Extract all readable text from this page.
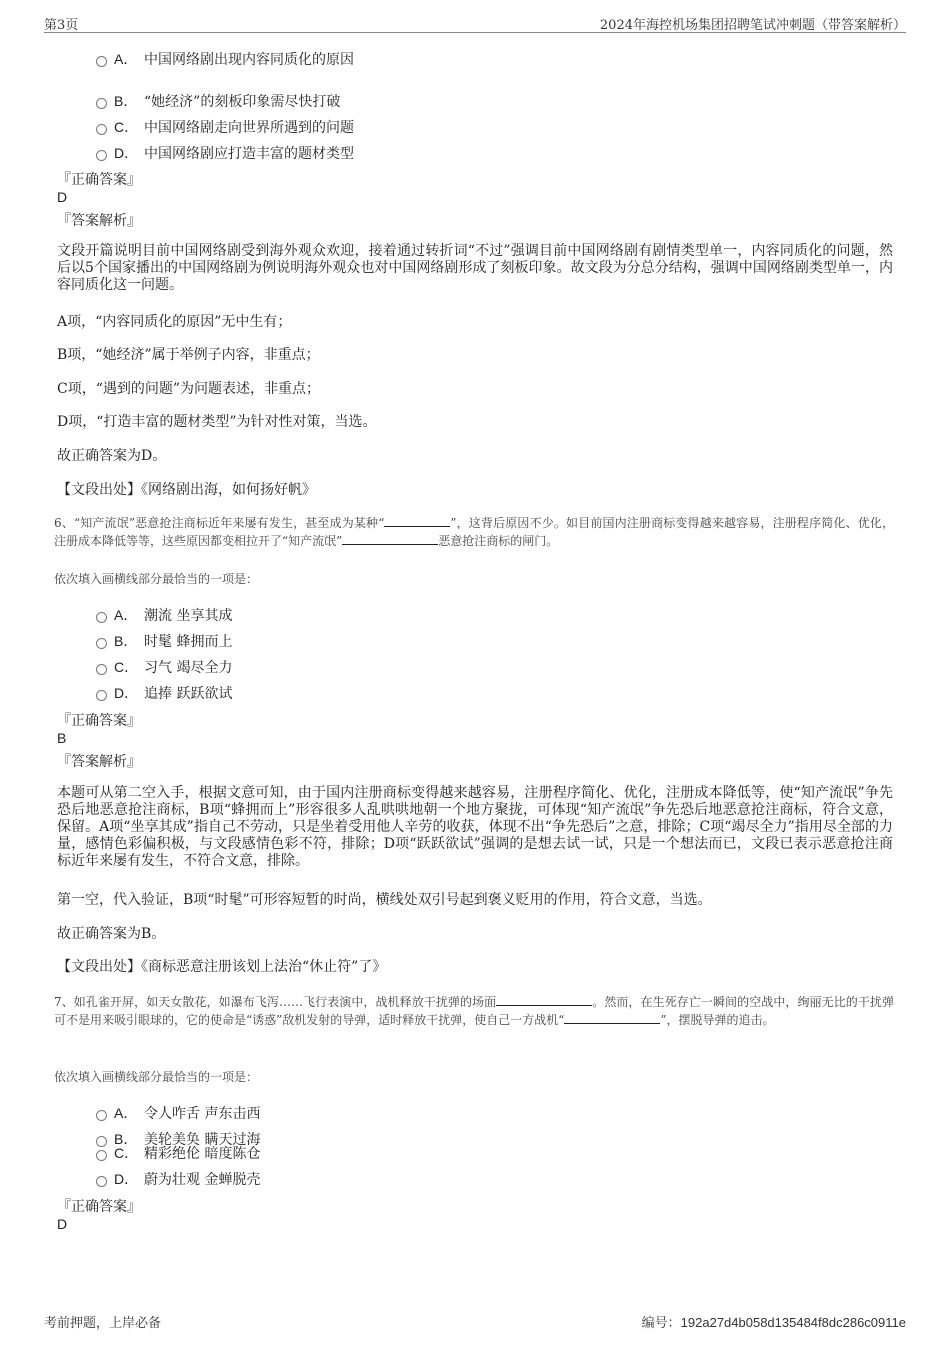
第3页	2024年海控机场集团招聘笔试冲刺题（带答案解析）
A． 中国网络剧出现内容同质化的原因
B． “她经济”的刻板印象需尽快打破
C． 中国网络剧走向世界所遇到的问题
D． 中国网络剧应打造丰富的题材类型
『正确答案』
D
『答案解析』
文段开篇说明目前中国网络剧受到海外观众欢迎，接着通过转折词“不过”强调目前中国网络剧有剧情类型单一，内容同质化的问题，然后以5个国家播出的中国网络剧为例说明海外观众也对中国网络剧形成了刻板印象。故文段为分总分结构，强调中国网络剧类型单一，内容同质化这一问题。
A项，“内容同质化的原因”无中生有；
B项，“她经济”属于举例子内容，非重点；
C项，“遇到的问题”为问题表述，非重点；
D项，“打造丰富的题材类型”为针对性对策，当选。
故正确答案为D。
【文段出处】《网络剧出海，如何扬好帆》
6、“知产流氓”恶意抢注商标近年来屡有发生，甚至成为某种“	”，这背后原因不少。如目前国内注册商标变得越来越容易，注册程序简化、优化，注册成本降低等等，这些原因都变相拉开了“知产流氓”	恶意抢注商标的闸门。
依次填入画横线部分最恰当的一项是：
A． 潮流 坐享其成
B． 时髦 蜂拥而上
C． 习气 竭尽全力
D． 追捧 跃跃欲试
『正确答案』
B
『答案解析』
本题可从第二空入手，根据文意可知，由于国内注册商标变得越来越容易，注册程序简化、优化，注册成本降低等，使“知产流氓”争先恐后地恶意抢注商标，B项“蜂拥而上”形容很多人乱哄哄地朝一个地方聚拢，可体现“知产流氓”争先恐后地恶意抢注商标，符合文意，保留。A项“坐享其成”指自己不劳动，只是坐着受用他人辛劳的收获，体现不出“争先恐后”之意，排除；C项“竭尽全力”指用尽全部的力量，感情色彩偏积极，与文段感情色彩不符，排除；D项“跃跃欲试”强调的是想去试一试，只是一个想法而已，文段已表示恶意抢注商标近年来屡有发生，不符合文意，排除。
第一空，代入验证，B项“时髦”可形容短暂的时尚，横线处双引号起到褒义贬用的作用，符合文意，当选。
故正确答案为B。
【文段出处】《商标恶意注册该划上法治“休止符”了》
7、如孔雀开屏，如天女散花，如瀑布飞泻……飞行表演中，战机释放干扰弹的场面	。然而，在生死存亡一瞬间的空战中，绚丽无比的干扰弹可不是用来吸引眼球的，它的使命是“诱惑”敌机发射的导弹，适时释放干扰弹，使自己一方战机“	”，摆脱导弹的追击。
依次填入画横线部分最恰当的一项是：
A． 令人咋舌 声东击西
B． 美轮美奂 瞒天过海
C． 精彩绝伦 暗度陈仓
D． 蔚为壮观 金蝉脱壳
『正确答案』
D
考前押题，上岸必备	编号：192a27d4b058d135484f8dc286c0911e
